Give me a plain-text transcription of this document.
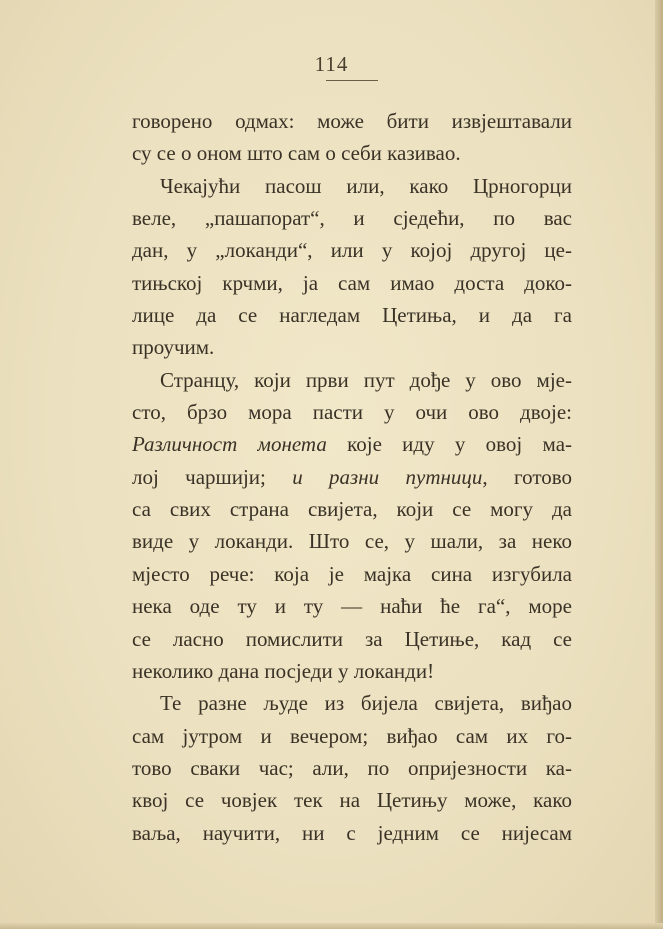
114
говорено одмах: може бити извјештавали
су се о оном што сам о себи казивао.
Чекајући пасош или, како Црногорци
веле, „пашапорат“, и сједећи, по вас
дан, у „локанди“, или у којој другој це-
тињској крчми, ја сам имао доста доко-
лице да се нагледам Цетиња, и да га
проучим.
Странцу, који први пут дође у ово мје-
сто, брзо мора пасти у очи ово двоје:
Различност монета које иду у овој ма-
лој чаршији; и разни путници, готово
са свих страна свијета, који се могу да
виде у локанди. Што се, у шали, за неко
мјесто рече: која је мајка сина изгубила
нека оде ту и ту — наћи ће га“, море
се ласно помислити за Цетиње, кад се
неколико дана посједи у локанди!
Те разне људе из бијела свијета, виђао
сам јутром и вечером; виђао сам их го-
тово сваки час; али, по опријезности ка-
квој се човјек тек на Цетињу може, како
ваља, научити, ни с једним се нијесам
